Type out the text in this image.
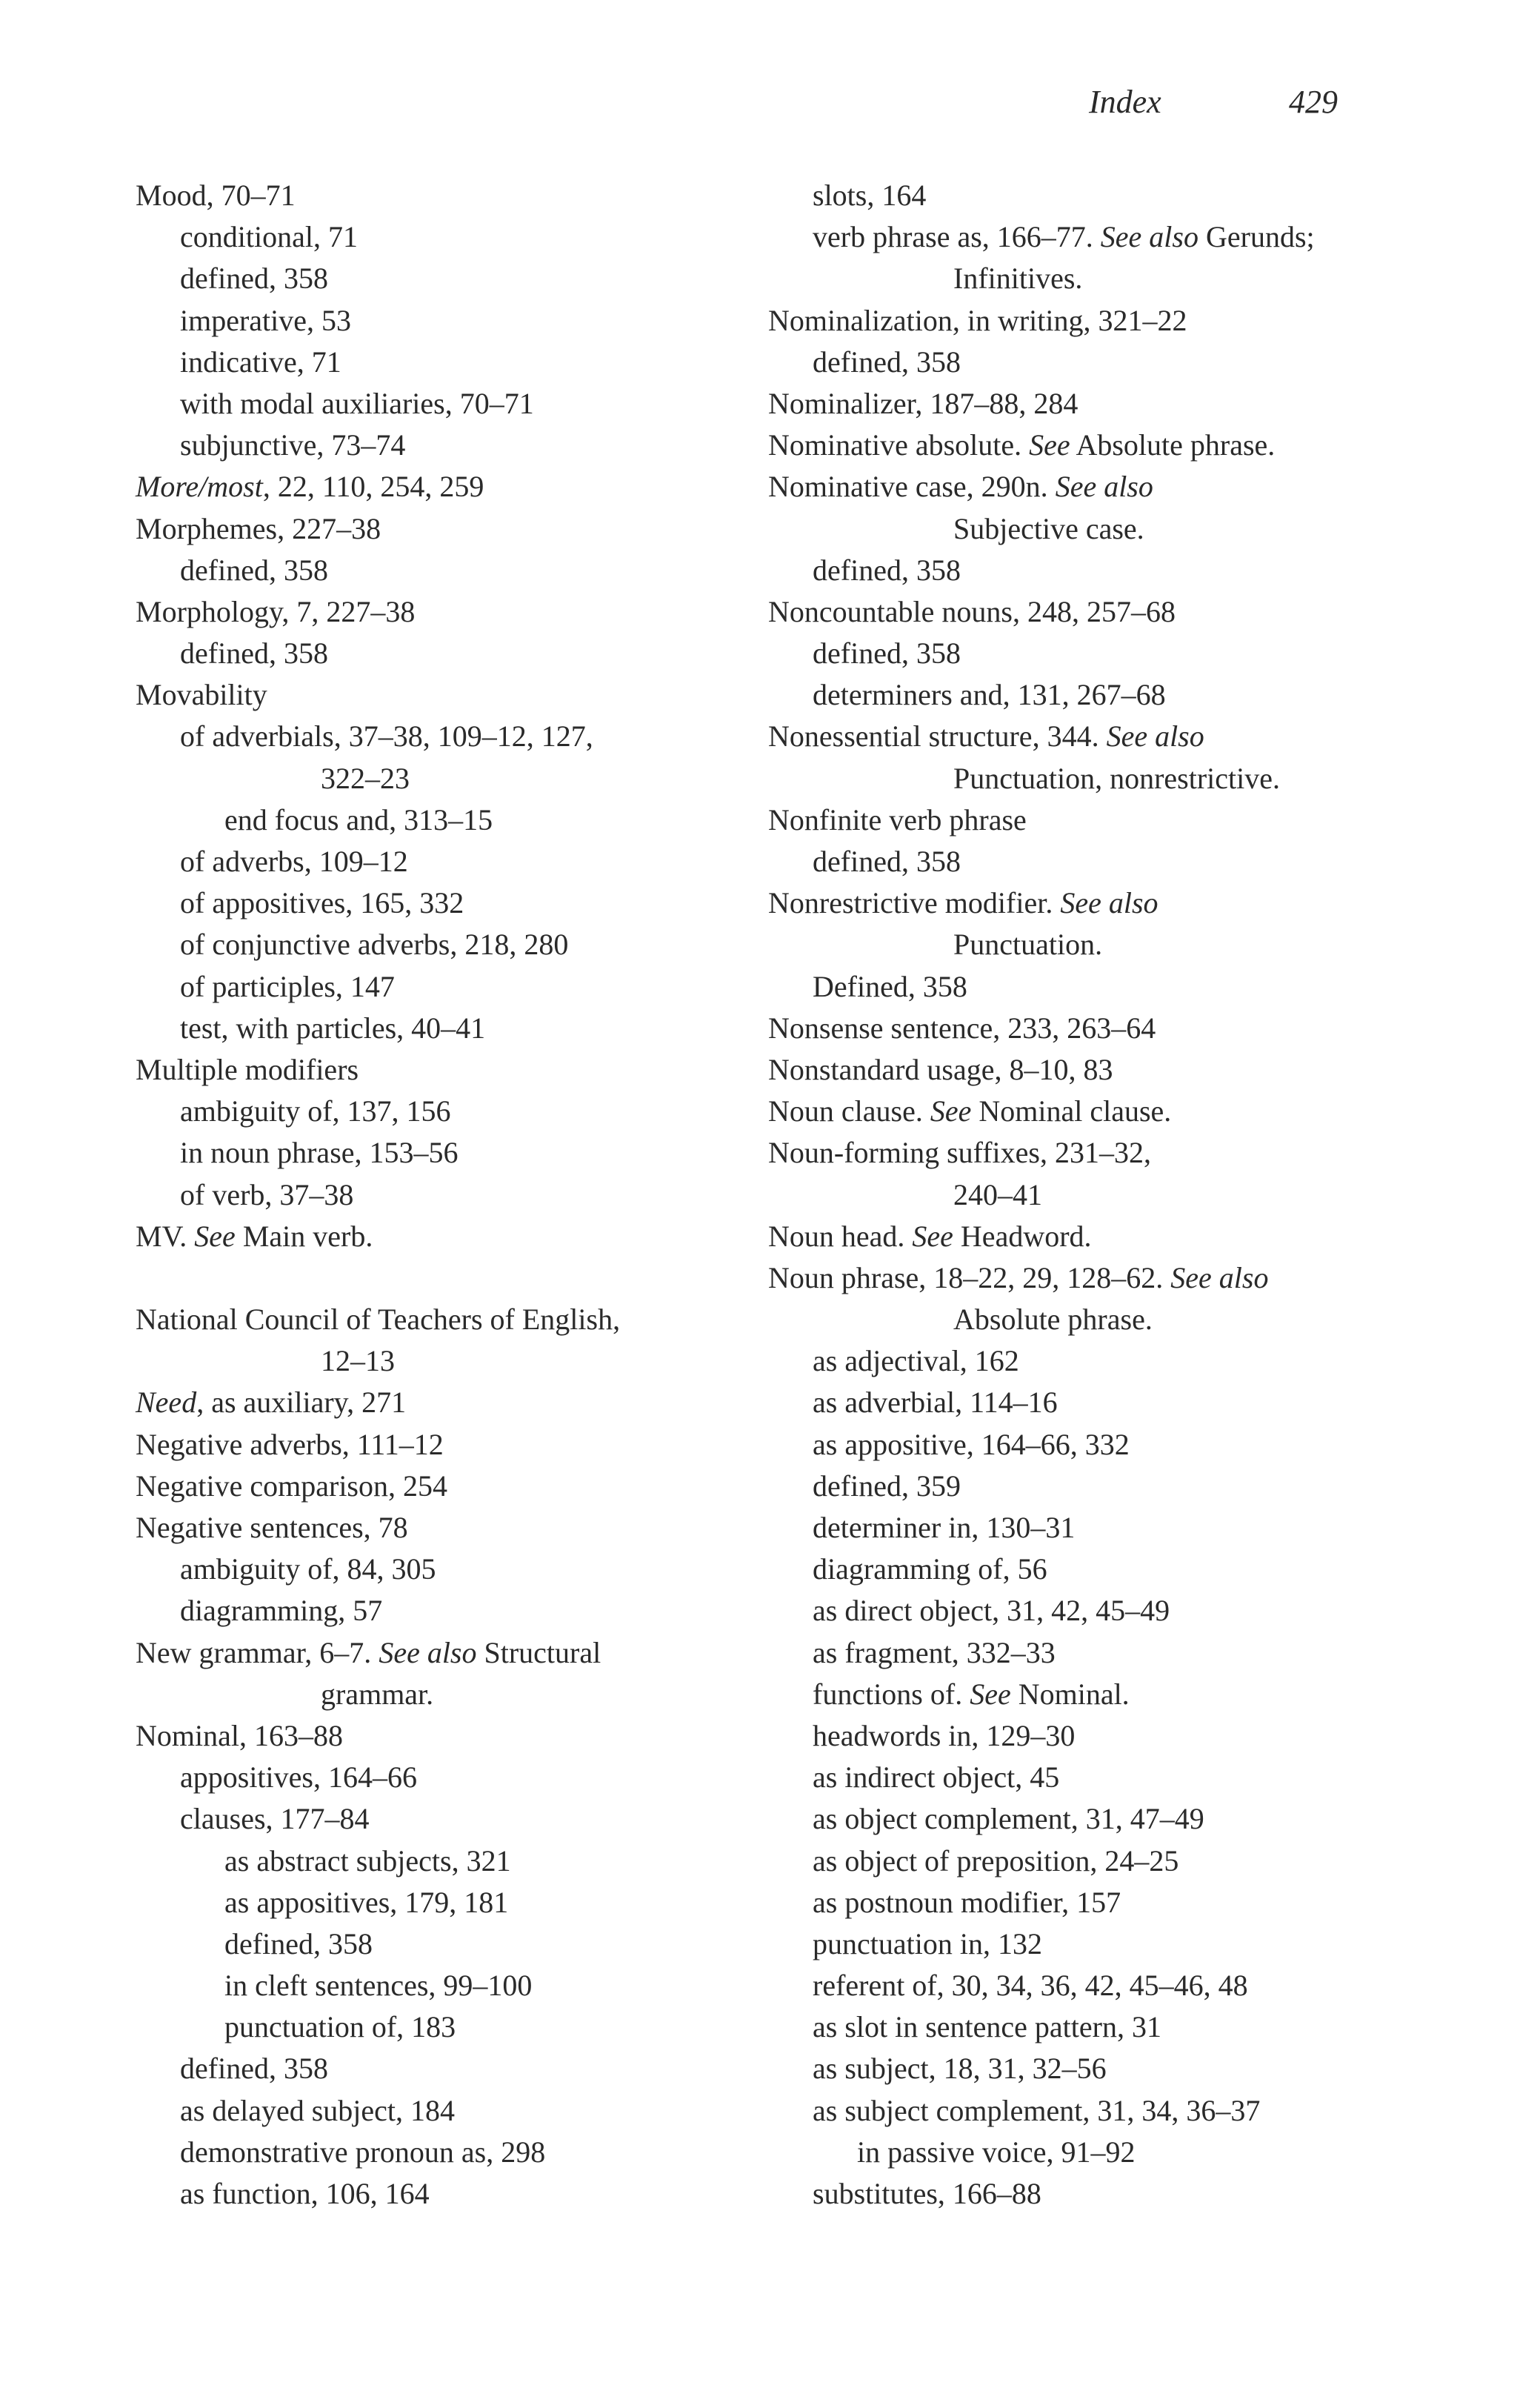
Index	429
Mood, 70–71
conditional, 71
defined, 358
imperative, 53
indicative, 71
with modal auxiliaries, 70–71
subjunctive, 73–74
More/most, 22, 110, 254, 259
Morphemes, 227–38
defined, 358
Morphology, 7, 227–38
defined, 358
Movability
of adverbials, 37–38, 109–12, 127,
322–23
end focus and, 313–15
of adverbs, 109–12
of appositives, 165, 332
of conjunctive adverbs, 218, 280
of participles, 147
test, with particles, 40–41
Multiple modifiers
ambiguity of, 137, 156
in noun phrase, 153–56
of verb, 37–38
MV. See Main verb.
National Council of Teachers of English,
12–13
Need, as auxiliary, 271
Negative adverbs, 111–12
Negative comparison, 254
Negative sentences, 78
ambiguity of, 84, 305
diagramming, 57
New grammar, 6–7. See also Structural
grammar.
Nominal, 163–88
appositives, 164–66
clauses, 177–84
as abstract subjects, 321
as appositives, 179, 181
defined, 358
in cleft sentences, 99–100
punctuation of, 183
defined, 358
as delayed subject, 184
demonstrative pronoun as, 298
as function, 106, 164
slots, 164
verb phrase as, 166–77. See also Gerunds;
Infinitives.
Nominalization, in writing, 321–22
defined, 358
Nominalizer, 187–88, 284
Nominative absolute. See Absolute phrase.
Nominative case, 290n. See also
Subjective case.
defined, 358
Noncountable nouns, 248, 257–68
defined, 358
determiners and, 131, 267–68
Nonessential structure, 344. See also
Punctuation, nonrestrictive.
Nonfinite verb phrase
defined, 358
Nonrestrictive modifier. See also
Punctuation.
Defined, 358
Nonsense sentence, 233, 263–64
Nonstandard usage, 8–10, 83
Noun clause. See Nominal clause.
Noun-forming suffixes, 231–32,
240–41
Noun head. See Headword.
Noun phrase, 18–22, 29, 128–62. See also
Absolute phrase.
as adjectival, 162
as adverbial, 114–16
as appositive, 164–66, 332
defined, 359
determiner in, 130–31
diagramming of, 56
as direct object, 31, 42, 45–49
as fragment, 332–33
functions of. See Nominal.
headwords in, 129–30
as indirect object, 45
as object complement, 31, 47–49
as object of preposition, 24–25
as postnoun modifier, 157
punctuation in, 132
referent of, 30, 34, 36, 42, 45–46, 48
as slot in sentence pattern, 31
as subject, 18, 31, 32–56
as subject complement, 31, 34, 36–37
in passive voice, 91–92
substitutes, 166–88
